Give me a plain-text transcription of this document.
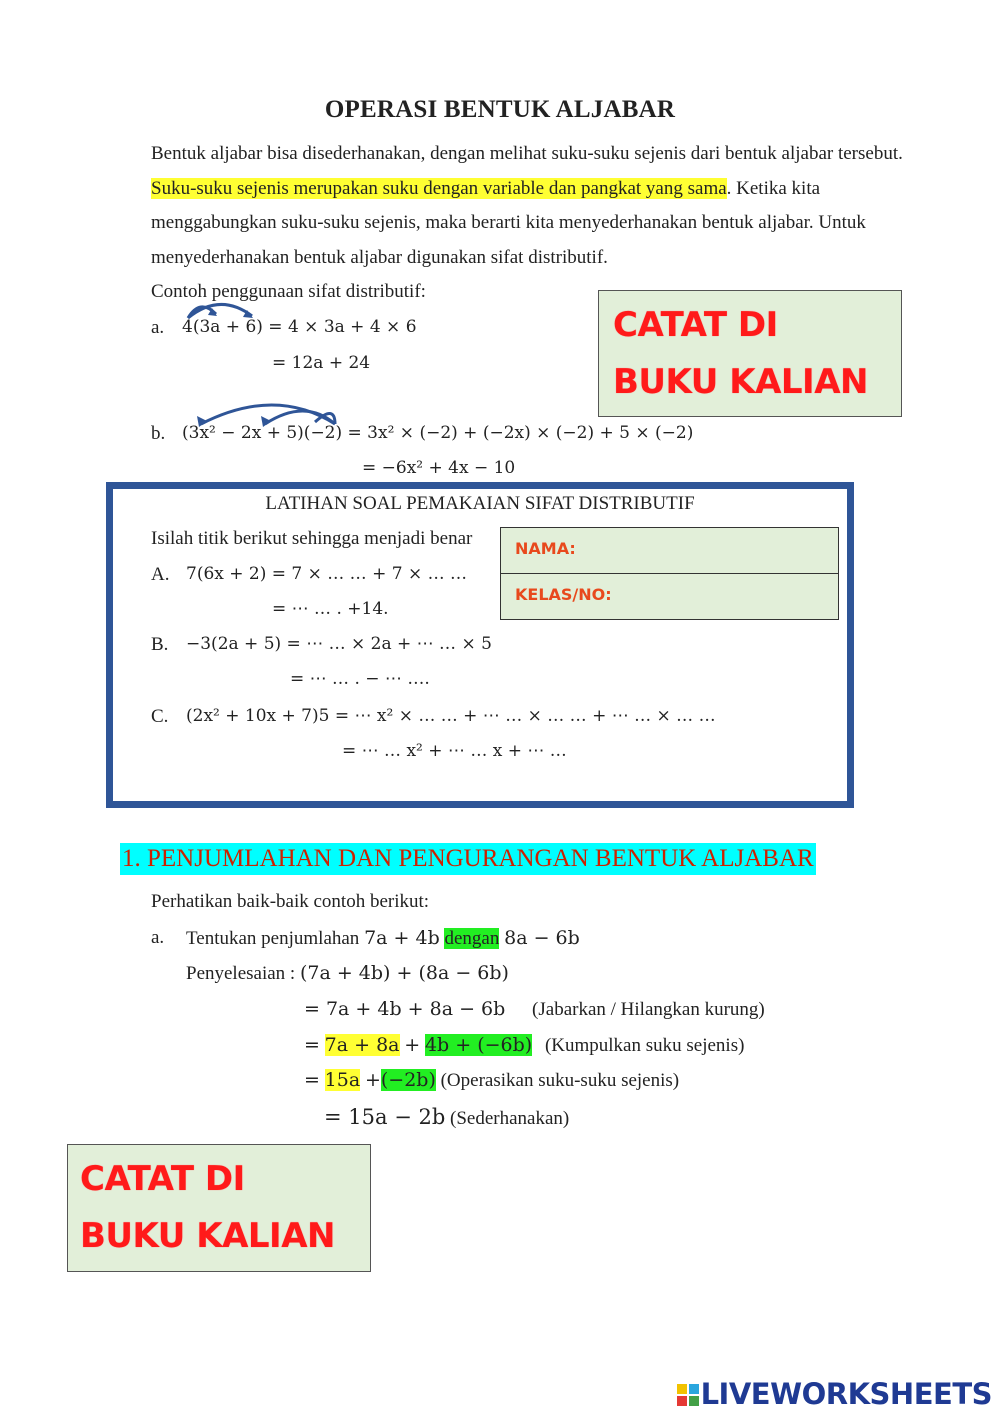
OPERASI BENTUK ALJABAR
Bentuk aljabar bisa disederhanakan, dengan melihat suku-suku sejenis dari bentuk aljabar tersebut. Suku-suku sejenis merupakan suku dengan variable dan pangkat yang sama. Ketika kita menggabungkan suku-suku sejenis, maka berarti kita menyederhanakan bentuk aljabar. Untuk menyederhanakan bentuk aljabar digunakan sifat distributif.
Contoh penggunaan sifat distributif:
a. 4(3a + 6) = 4 × 3a + 4 × 6
= 12a + 24
b. (3x² − 2x + 5)(−2) = 3x² × (−2) + (−2x) × (−2) + 5 × (−2)
= −6x² + 4x − 10
CATAT DI
BUKU KALIAN
LATIHAN SOAL PEMAKAIAN SIFAT DISTRIBUTIF
Isilah titik berikut sehingga menjadi benar	NAMA:
KELAS/NO:
A. 7(6x + 2) = 7 × … … + 7 × … …
= ⋯ … . +14.
B. −3(2a + 5) = ⋯ … × 2a + ⋯ … × 5
= ⋯ … . − ⋯ ….
C. (2x² + 10x + 7)5 = ⋯ x² × … … + ⋯ … × … … + ⋯ … × … …
= ⋯ … x² + ⋯ … x + ⋯ …
1. PENJUMLAHAN DAN PENGURANGAN BENTUK ALJABAR
Perhatikan baik-baik contoh berikut:
a. Tentukan penjumlahan 7a + 4b dengan 8a − 6b
Penyelesaian : (7a + 4b) + (8a − 6b)
= 7a + 4b + 8a − 6b (Jabarkan / Hilangkan kurung)
= 7a + 8a + 4b + (−6b) (Kumpulkan suku sejenis)
= 15a +(−2b) (Operasikan suku-suku sejenis)
= 15a − 2b (Sederhanakan)
CATAT DI
BUKU KALIAN
LIVEWORKSHEETS
